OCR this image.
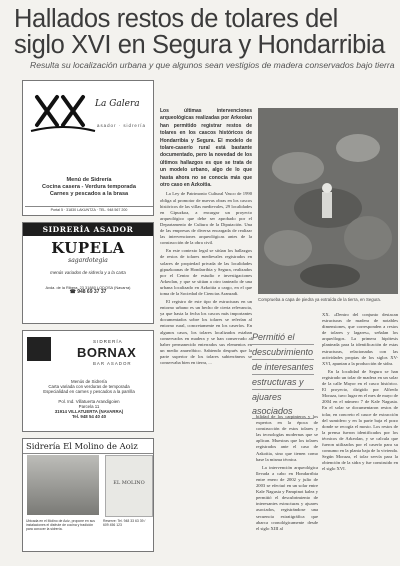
Hallados restos de tolares del
siglo XVI en Segura y Hondarribia
Resulta su localización urbana y que algunos sean vestigios de madera conservados bajo tierra
La Galera
asador · sidrería
Menú de Sidrería
Cocina casera - Verdura temporada
Carnes y pescados a la brasa
Portal 5 · 31830 LAKUNTZA · TEL. 948 567 200
SIDRERÍA ASADOR
KUPELA
sagardotegia
menús variados de sidrería y a la carta
Avda. de la Ribera, 23 31880 LODOSA (Navarra)
☎ 948 69 37 37
SIDRERÍA
BORNAX
BAR ASADOR
Menús de Sidrería
Carta variada con verduras de temporada
Especialidad en carnes y pescados a la parrilla
Pol. Ind. Villatuerta Arandigoien
Parcela 11
31914 VILLATUERTA (NAVARRA)
Tel. 948 54 40 40
Sidrería El Molino de Aoiz
EL MOLINO
Ubicada en el Molino de Aoiz, propone en sus instalaciones el disfrute de cocina y tradición para conocer la sidrería.
Reserve: Tel. 948 33 63 39 / 609 456 123

Los últimas intervenciones arqueológicas realizadas por Arkeolan han permitido registrar restos de tolares en los cascos históricos de Hondarribia y Segura. El modelo de tolare-caserío rural está bastante documentado, pero la novedad de los últimos hallazgos es que se trata de un modelo urbano, algo de lo que hasta ahora no se conocía más que otro caso en Azkoitia.

La Ley de Patrimonio Cultural Vasco de 1990 obliga al promotor de nuevas obras en los cascos históricos de las villas medievales, 29 localidades en Gipuzkoa, a encargar un proyecto arqueológico que debe ser aprobado por el Departamento de Cultura de la Diputación. Una de las empresas de diversa encargada de realizar las intervenciones arqueológicas antes de la construcción de la obra civil.

En este contexto legal se sitúan los hallazgos de restos de tolares medievales registrados en solares de propiedad privada de las localidades gipuzkoanas de Hondarribia y Segura, realizados por el Centro de estudio e investigaciones Arkeolan, y que se sitúan a otro tanteado de una urbana localizado en Azkoitia a cargo, en el que toma de la Sociedad de Ciencias Aranzadi.

El registro de este tipo de estructuras en un entorno urbano es un hecho de cierta relevancia, ya que hasta la fecha los cascos más importantes documentados sobre los tolares se referían al entorno rural, concretamente en los caseríos. En algunos casos, los tolares localizados estaban conservados en madera y se han conservado al haber permanecido enterrados sus elementos en un medio anaeróbico. Sabiendo después que la parte superior de los tolares subterráneos se conservaba bien en tierra, ...

Comprueba a capa de piedra ya extraída de la tierra, en Segura.
Permitió el
descubrimiento
de interesantes
estructuras y
ajuares asociados

bilidad de los carpinteros y los expertos en la época de construcción de estos tolares y las tecnologías modernas que se aplican. Muestras que los tolares registrados ante el caso de Azkoitia, sino que tienen como base la misma técnica.

La intervención arqueológica llevada a cabo en Hondarribia entre enero de 2002 y julio de 2003 se efectuó en un solar entre Kale Nagusia y Pampinot kalea y permitió el descubrimiento de interesantes estructuras y ajuares asociados, registrándose una secuencia estratigráfica que abarca cronológicamente desde el siglo XIII al

XX. «Dentro del conjunto destacan estructuras de madera de notables dimensiones, que corresponden a restos de tolares y lagares», señalan los arqueólogos. La primera hipótesis planteada para la identificación de estas estructuras, relacionadas con las actividades propias de los siglos XV-XVI, apuntan a la producción de sidra.

En la localidad de Segura se han registrado un tolar de madera en un solar de la calle Mayor en el casco histórico. El proyecto, dirigido por Alfredo Moraza, tuvo lugar en el mes de mayo de 2004 en el número 7 de Kale Nagusia. En el solar se documentaron restos de tolar, en concreto el cauce de extracción del sumidero y en la parte baja el pozo donde se recogía el mosto. Los restos de la prensa fueron identificados por los técnicos de Arkeolan, y se calcula que fueron utilizados por el caserío para su consumo en la planta baja de la vivienda. Según Moraza, el tolar servía para la obtención de la sidra y fue construido en el siglo XVI.
